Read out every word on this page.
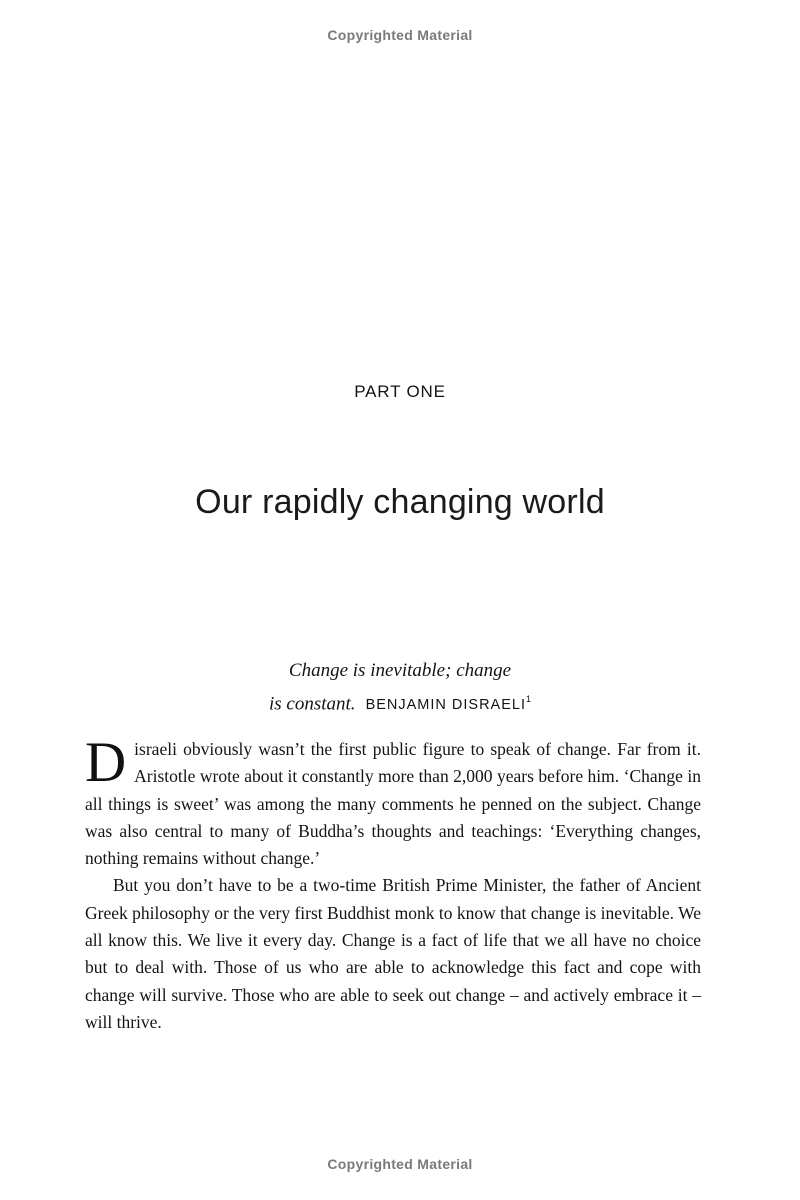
Copyrighted Material
PART ONE
Our rapidly changing world
Change is inevitable; change
is constant. BENJAMIN DISRAELI$^1$

Disraeli obviously wasn’t the first public figure to speak of change. Far from it. Aristotle wrote about it constantly more than 2,000 years before him. ‘Change in all things is sweet’ was among the many comments he penned on the subject. Change was also central to many of Buddha’s thoughts and teachings: ‘Everything changes, nothing remains without change.’

But you don’t have to be a two-time British Prime Minister, the father of Ancient Greek philosophy or the very first Buddhist monk to know that change is inevitable. We all know this. We live it every day. Change is a fact of life that we all have no choice but to deal with. Those of us who are able to acknowledge this fact and cope with change will survive. Those who are able to seek out change – and actively embrace it – will thrive.

Copyrighted Material
